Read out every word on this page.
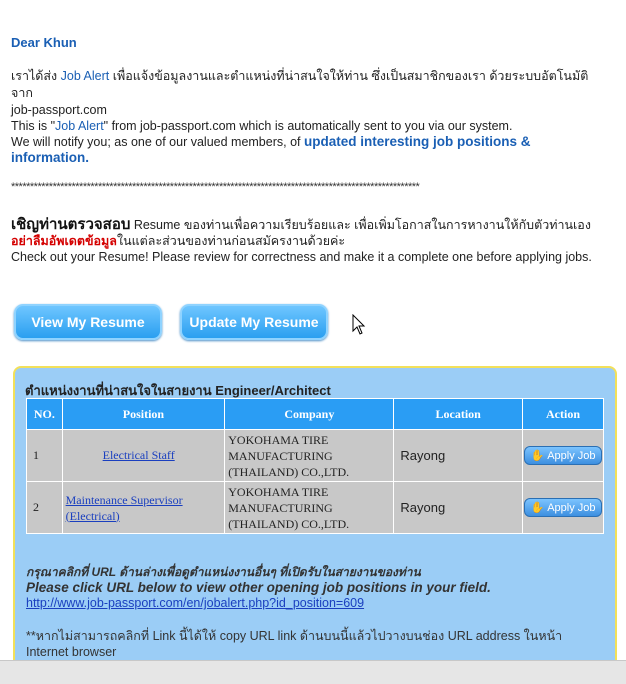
Dear Khun
เราได้ส่ง Job Alert เพื่อแจ้งข้อมูลงานและตำแหน่งที่น่าสนใจให้ท่าน ซึ่งเป็นสมาชิกของเรา ด้วยระบบอัตโนมัติจาก
job-passport.com
This is "Job Alert" from job-passport.com which is automatically sent to you via our system.
We will notify you; as one of our valued members, of updated interesting job positions & information.
************************************************************************************************************
เชิญท่านตรวจสอบ Resume ของท่านเพื่อความเรียบร้อยและ เพื่อเพิ่มโอกาสในการหางานให้กับตัวท่านเอง
อย่าลืมอัพเดตข้อมูลในแต่ละส่วนของท่านก่อนสมัครงานด้วยค่ะ
Check out your Resume! Please review for correctness and make it a complete one before applying jobs.
View My Resume	Update My Resume
ตำแหน่งงานที่น่าสนใจในสายงาน Engineer/Architect
NO.	Position	Company	Location	Action
1	Electrical Staff	YOKOHAMA TIRE MANUFACTURING (THAILAND) CO.,LTD.	Rayong	✋ Apply Job

2	Maintenance Supervisor (Electrical)	YOKOHAMA TIRE MANUFACTURING (THAILAND) CO.,LTD.	Rayong	✋ Apply Job
กรุณาคลิกที่ URL ด้านล่างเพื่อดูตำแหน่งงานอื่นๆ ที่เปิดรับในสายงานของท่าน
Please click URL below to view other opening job positions in your field.
http://www.job-passport.com/en/jobalert.php?id_position=609
**หากไม่สามารถคลิกที่ Link นี้ได้ให้ copy URL link ด้านบนนี้แล้วไปวางบนช่อง URL address ในหน้า Internet browser
